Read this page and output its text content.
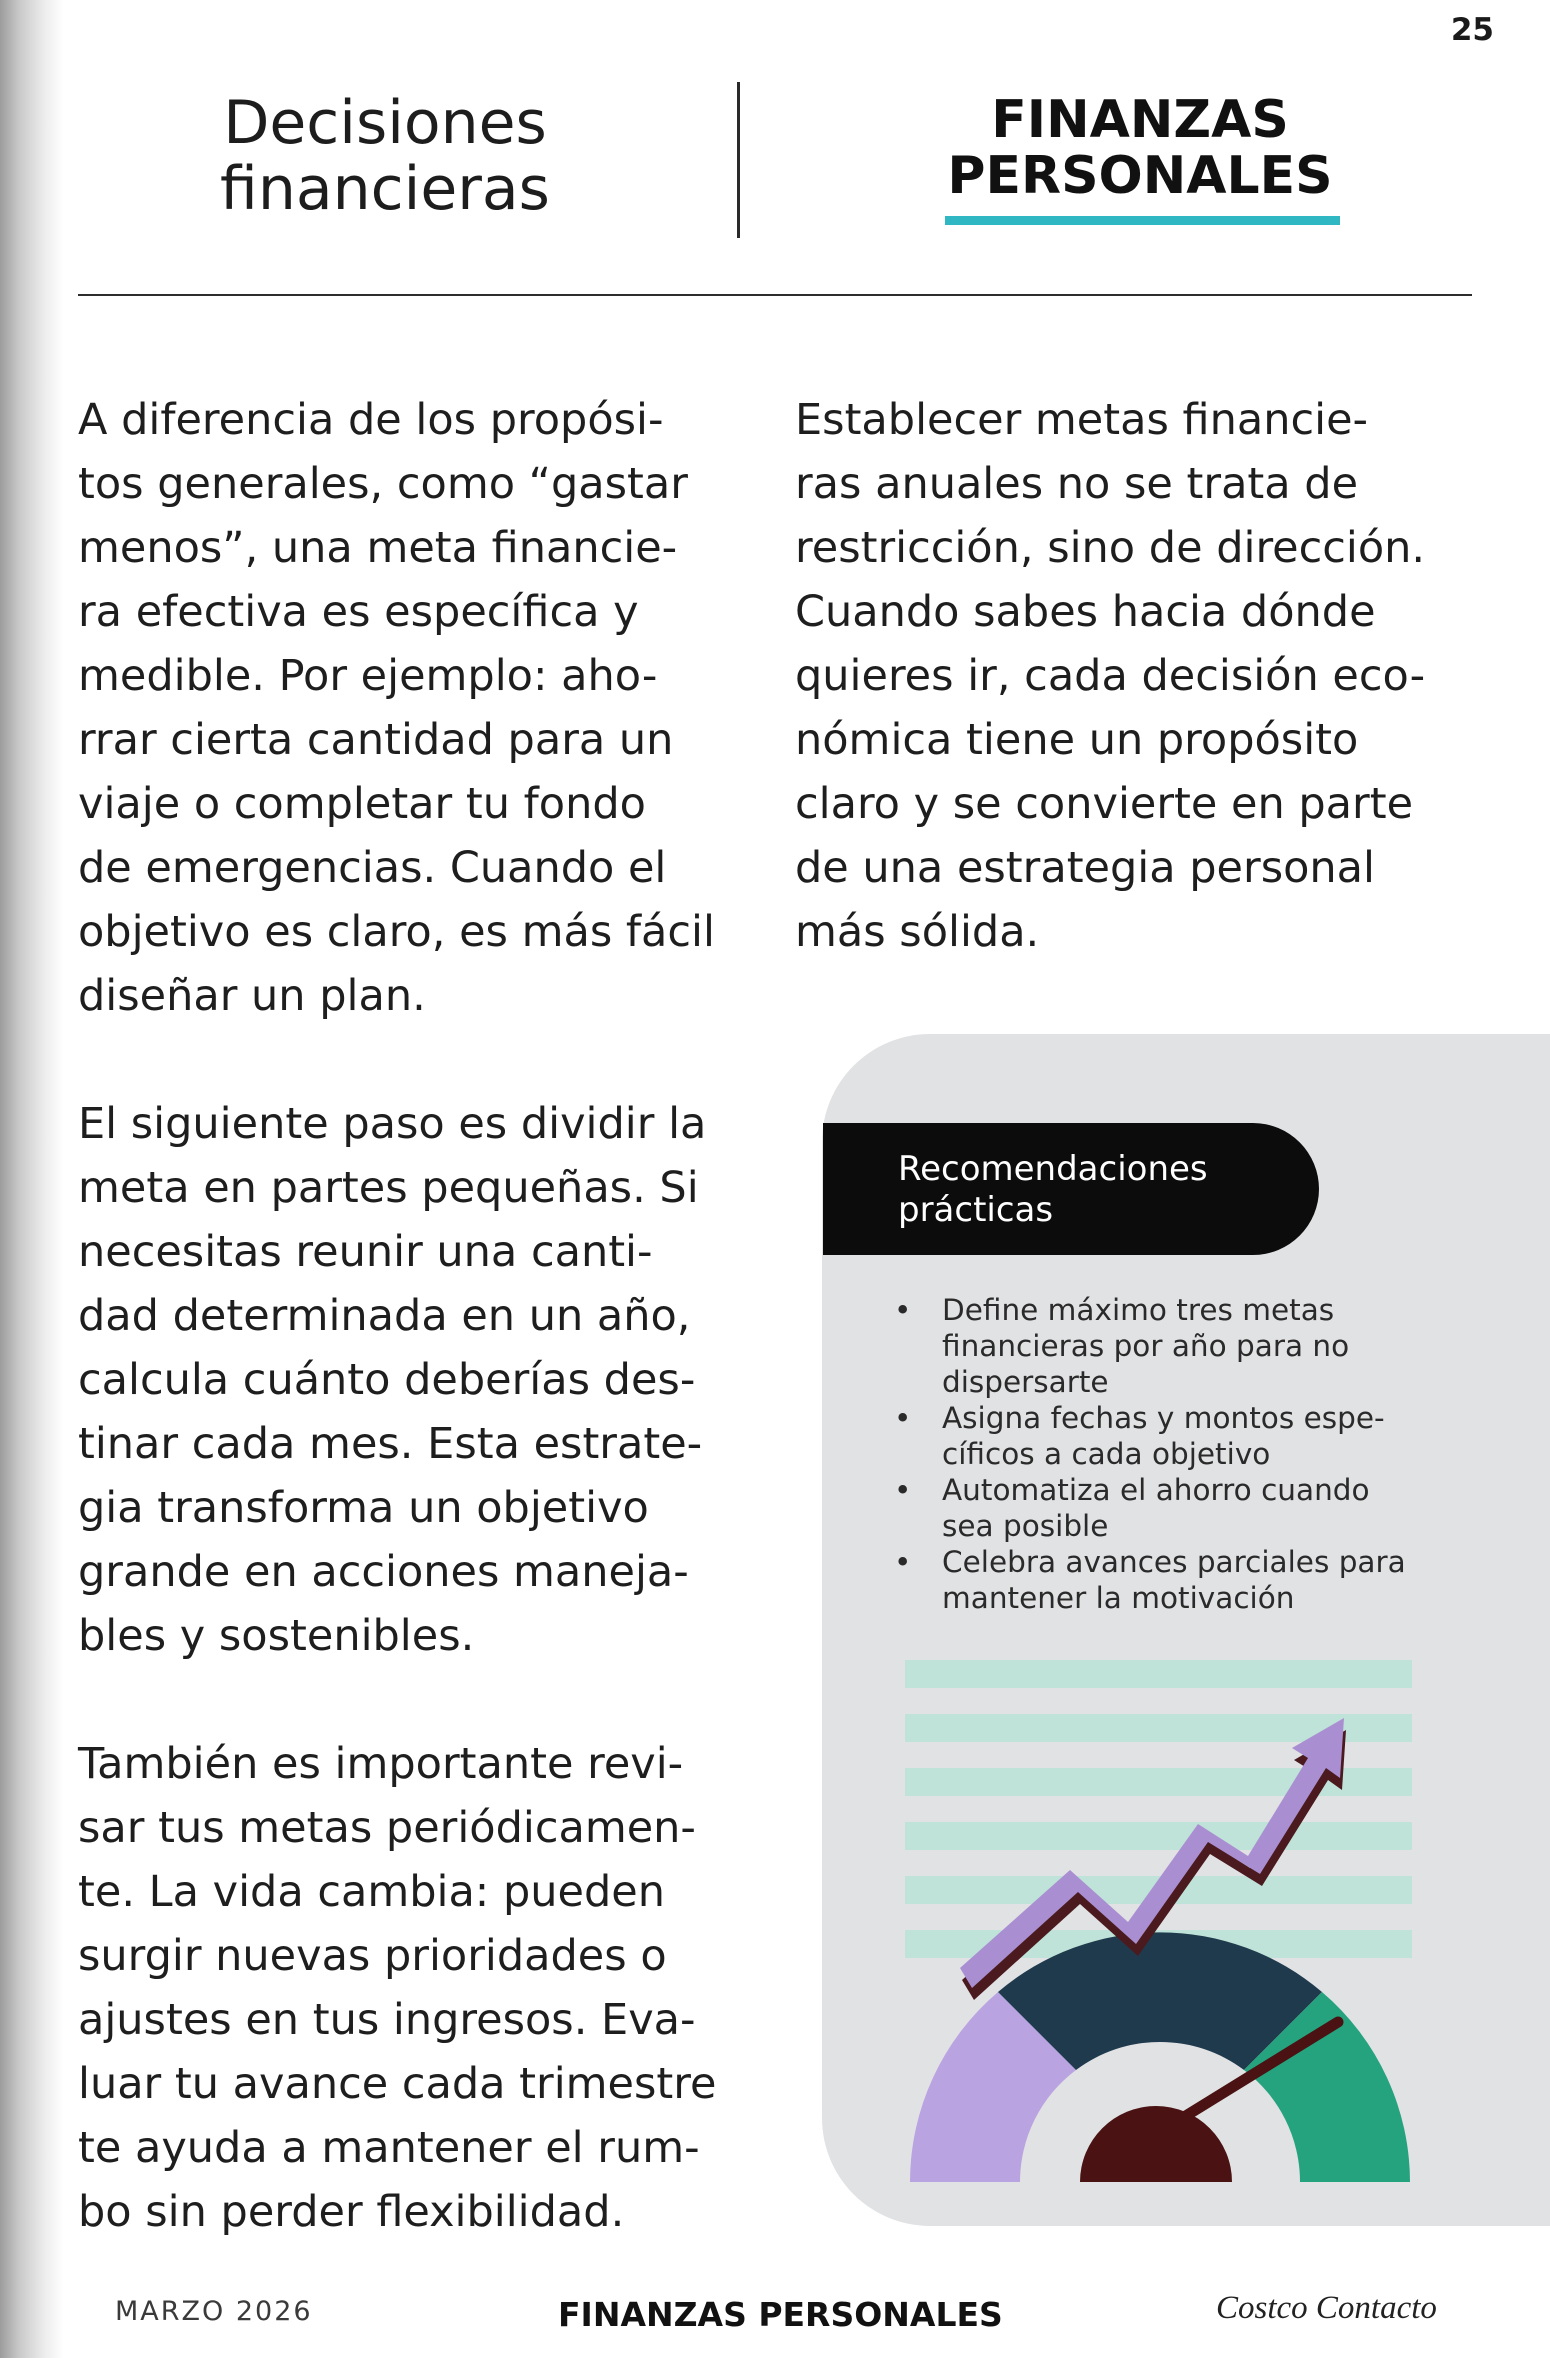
25
Decisiones
financieras
FINANZAS
PERSONALES

A diferencia de los propósi-
tos generales, como “gastar
menos”, una meta financie-
ra efectiva es específica y
medible. Por ejemplo: aho-
rrar cierta cantidad para un
viaje o completar tu fondo
de emergencias. Cuando el
objetivo es claro, es más fácil
diseñar un plan.

El siguiente paso es dividir la
meta en partes pequeñas. Si
necesitas reunir una canti-
dad determinada en un año,
calcula cuánto deberías des-
tinar cada mes. Esta estrate-
gia transforma un objetivo
grande en acciones maneja-
bles y sostenibles.

También es importante revi-
sar tus metas periódicamen-
te. La vida cambia: pueden
surgir nuevas prioridades o
ajustes en tus ingresos. Eva-
luar tu avance cada trimestre
te ayuda a mantener el rum-
bo sin perder flexibilidad.

Establecer metas financie-
ras anuales no se trata de
restricción, sino de dirección.
Cuando sabes hacia dónde
quieres ir, cada decisión eco-
nómica tiene un propósito
claro y se convierte en parte
de una estrategia personal
más sólida.

Recomendaciones
prácticas
• Define máximo tres metas
financieras por año para no
dispersarte
• Asigna fechas y montos espe-
cíficos a cada objetivo
• Automatiza el ahorro cuando
sea posible
• Celebra avances parciales para
mantener la motivación
MARZO 2026	FINANZAS PERSONALES	Costco Contacto
